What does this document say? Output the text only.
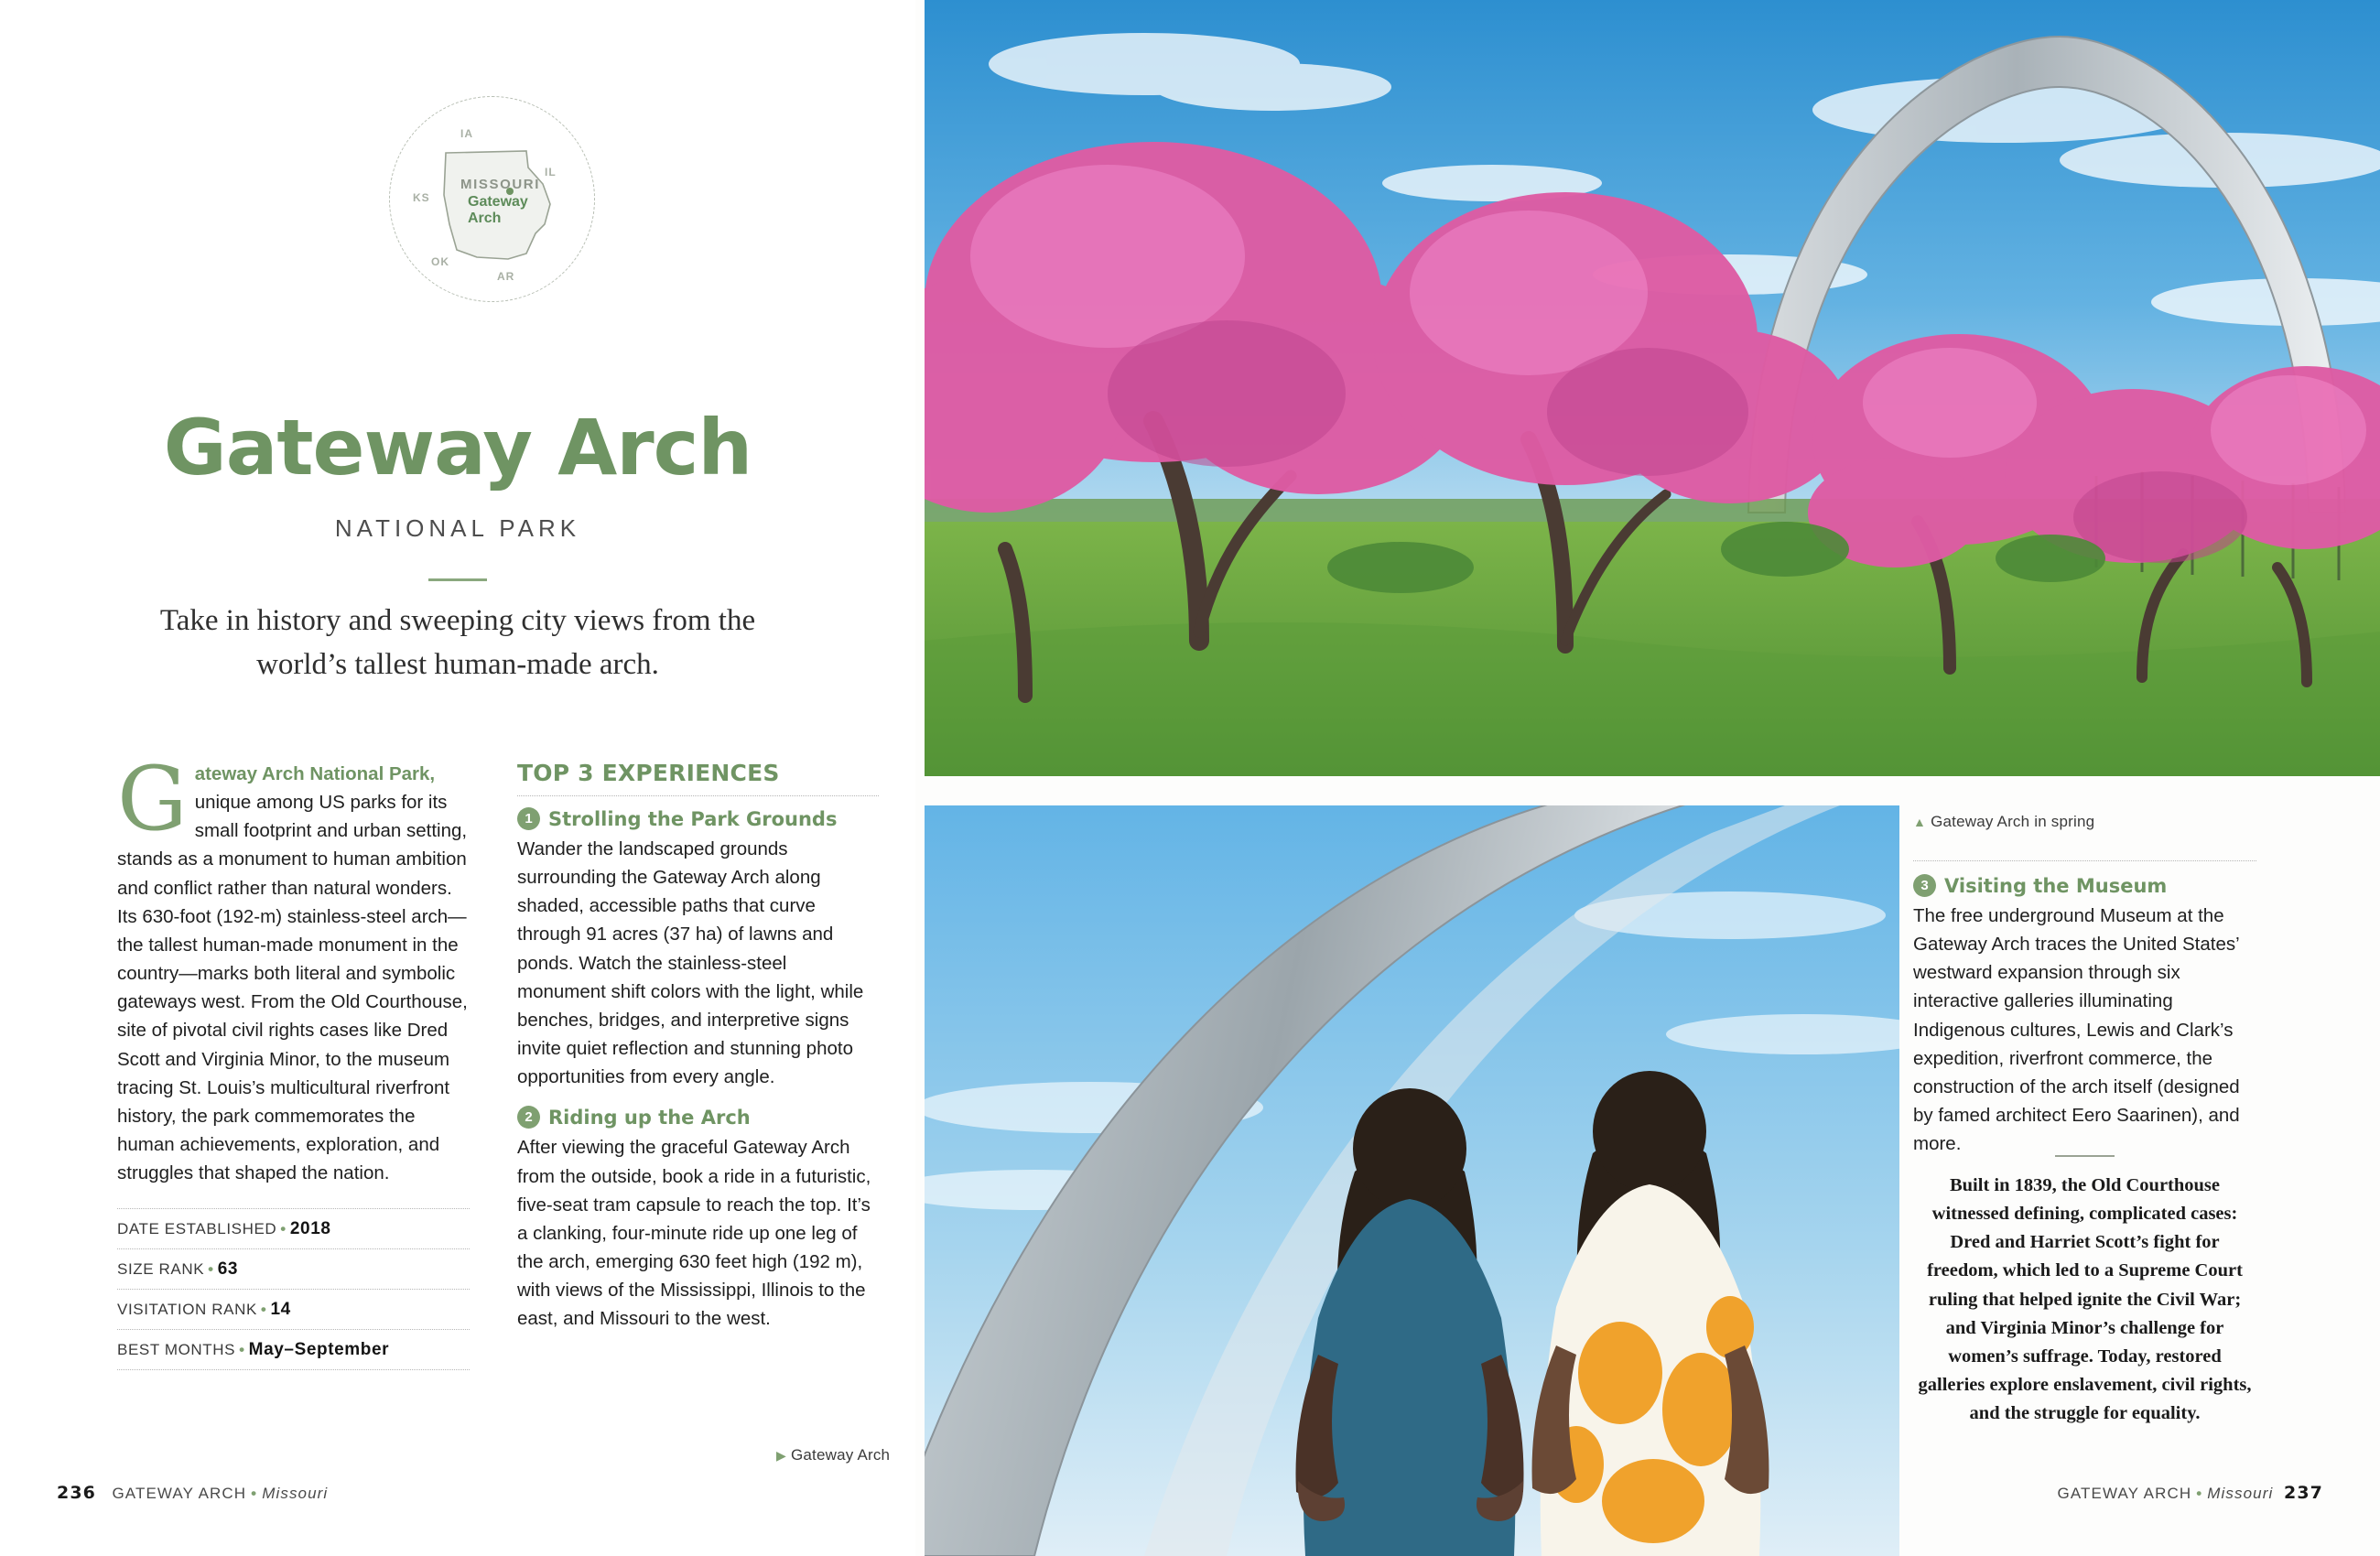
MISSOURI
Gateway Arch
IA
IL
KS
OK
AR
Gateway Arch
NATIONAL PARK
Take in history and sweeping city views from the world’s tallest human-made arch.
Gateway Arch National Park, unique among US parks for its small footprint and urban setting, stands as a monument to human ambition and conflict rather than natural wonders. Its 630-foot (192-m) stainless-steel arch—the tallest human-made monument in the country—marks both literal and symbolic gateways west. From the Old Courthouse, site of pivotal civil rights cases like Dred Scott and Virginia Minor, to the museum tracing St. Louis’s multicultural riverfront history, the park commemorates the human achievements, exploration, and struggles that shaped the nation.
DATE ESTABLISHED • 2018
SIZE RANK • 63
VISITATION RANK • 14
BEST MONTHS • May–September
TOP 3 EXPERIENCES
1 Strolling the Park Grounds
Wander the landscaped grounds surrounding the Gateway Arch along shaded, accessible paths that curve through 91 acres (37 ha) of lawns and ponds. Watch the stainless-steel monument shift colors with the light, while benches, bridges, and interpretive signs invite quiet reflection and stunning photo opportunities from every angle.
2 Riding up the Arch
After viewing the graceful Gateway Arch from the outside, book a ride in a futuristic, five-seat tram capsule to reach the top. It’s a clanking, four-minute ride up one leg of the arch, emerging 630 feet high (192 m), with views of the Mississippi, Illinois to the east, and Missouri to the west.
236 GATEWAY ARCH • Missouri
▲ Gateway Arch in spring
▶ Gateway Arch
3 Visiting the Museum
The free underground Museum at the Gateway Arch traces the United States’ westward expansion through six interactive galleries illuminating Indigenous cultures, Lewis and Clark’s expedition, riverfront commerce, the construction of the arch itself (designed by famed architect Eero Saarinen), and more.
Built in 1839, the Old Courthouse witnessed defining, complicated cases: Dred and Harriet Scott’s fight for freedom, which led to a Supreme Court ruling that helped ignite the Civil War; and Virginia Minor’s challenge for women’s suffrage. Today, restored galleries explore enslavement, civil rights, and the struggle for equality.
GATEWAY ARCH • Missouri 237
